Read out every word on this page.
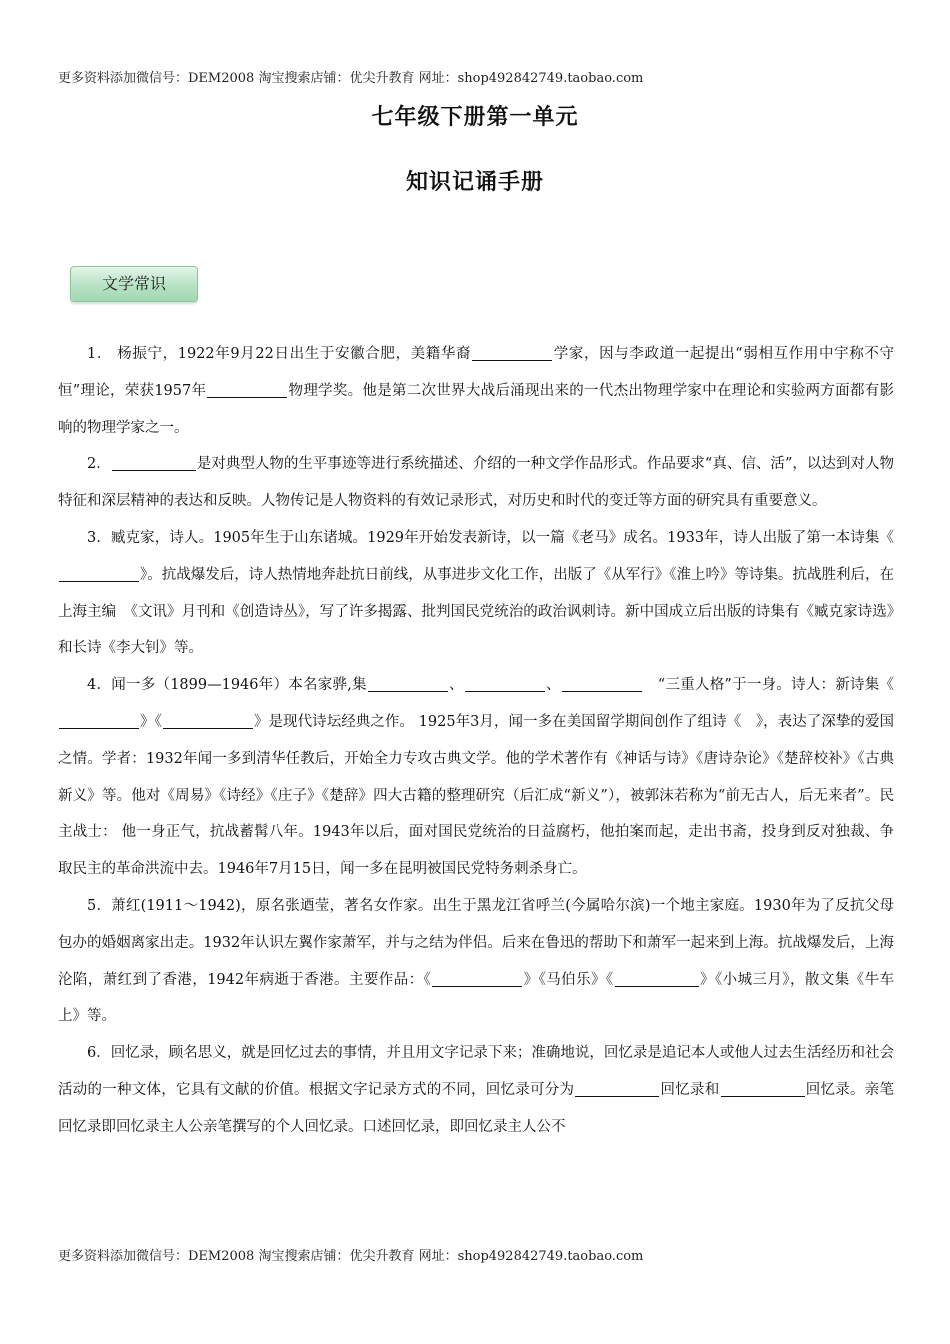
更多资料添加微信号：DEM2008 淘宝搜索店铺：优尖升教育 网址：shop492842749.taobao.com
七年级下册第一单元
知识记诵手册
文学常识

1． 杨振宁，1922年9月22日出生于安徽合肥，美籍华裔	学家，因与李政道一起提出“弱相互作用中宇称不守恒”理论，荣获1957年	物理学奖。他是第二次世界大战后涌现出来的一代杰出物理学家中在理论和实验两方面都有影响的物理学家之一。

2．	是对典型人物的生平事迹等进行系统描述、介绍的一种文学作品形式。作品要求“真、信、活”，以达到对人物特征和深层精神的表达和反映。人物传记是人物资料的有效记录形式，对历史和时代的变迁等方面的研究具有重要意义。

3．臧克家，诗人。1905年生于山东诸城。1929年开始发表新诗，以一篇《老马》成名。1933年，诗人出版了第一本诗集《》。抗战爆发后，诗人热情地奔赴抗日前线，从事进步文化工作，出版了《从军行》《淮上吟》等诗集。抗战胜利后，在上海主编　《文讯》月刊和《创造诗丛》，写了许多揭露、批判国民党统治的政治讽刺诗。新中国成立后出版的诗集有《臧克家诗选》和长诗《李大钊》等。

4．闻一多（1899—1946年）本名家骅,集	、	、	　“三重人格”于一身。诗人：新诗集《》《	》是现代诗坛经典之作。 1925年3月，闻一多在美国留学期间创作了组诗《　》，表达了深挚的爱国之情。学者：1932年闻一多到清华任教后，开始全力专攻古典文学。他的学术著作有《神话与诗》《唐诗杂论》《楚辞校补》《古典新义》等。他对《周易》《诗经》《庄子》《楚辞》四大古籍的整理研究（后汇成“新义”），被郭沫若称为“前无古人，后无来者”。民主战士： 他一身正气，抗战蓄髯八年。1943年以后，面对国民党统治的日益腐朽，他拍案而起，走出书斋，投身到反对独裁、争取民主的革命洪流中去。1946年7月15日，闻一多在昆明被国民党特务刺杀身亡。

5．萧红(1911～1942)，原名张迺莹，著名女作家。出生于黑龙江省呼兰(今属哈尔滨)一个地主家庭。1930年为了反抗父母包办的婚姻离家出走。1932年认识左翼作家萧军，并与之结为伴侣。后来在鲁迅的帮助下和萧军一起来到上海。抗战爆发后，上海沦陷，萧红到了香港，1942年病逝于香港。主要作品：《	》《马伯乐》《	》《小城三月》，散文集《牛车上》等。

6．回忆录，顾名思义，就是回忆过去的事情，并且用文字记录下来；准确地说，回忆录是追记本人或他人过去生活经历和社会活动的一种文体，它具有文献的价值。根据文字记录方式的不同，回忆录可分为	回忆录和	回忆录。亲笔回忆录即回忆录主人公亲笔撰写的个人回忆录。口述回忆录，即回忆录主人公不

更多资料添加微信号：DEM2008 淘宝搜索店铺：优尖升教育 网址：shop492842749.taobao.com
